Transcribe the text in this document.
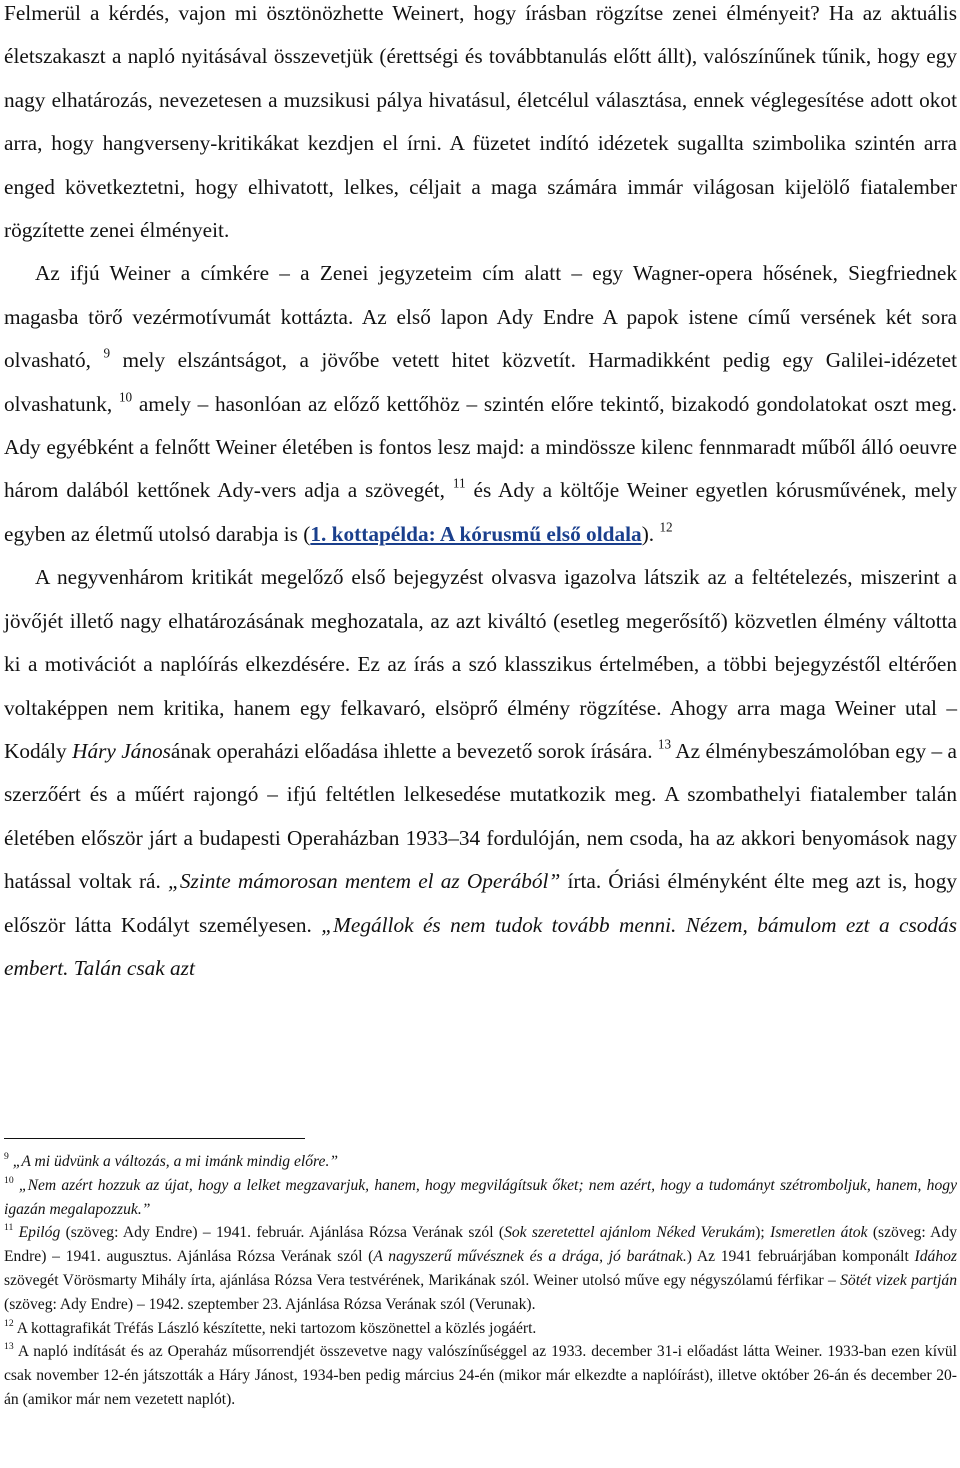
Felmerül a kérdés, vajon mi ösztönözhette Weinert, hogy írásban rögzítse zenei élményeit? Ha az aktuális életszakaszt a napló nyitásával összevetjük (érettségi és továbbtanulás előtt állt), valószínűnek tűnik, hogy egy nagy elhatározás, nevezetesen a muzsikusi pálya hivatásul, életcélul választása, ennek véglegesítése adott okot arra, hogy hangverseny-kritikákat kezdjen el írni. A füzetet indító idézetek sugallta szimbolika szintén arra enged következtetni, hogy elhivatott, lelkes, céljait a maga számára immár világosan kijelölő fiatalember rögzítette zenei élményeit.

Az ifjú Weiner a címkére – a Zenei jegyzeteim cím alatt – egy Wagner-opera hősének, Siegfriednek magasba törő vezérmotívumát kottázta. Az első lapon Ady Endre A papok istene című versének két sora olvasható, $^9$ mely elszántságot, a jövőbe vetett hitet közvetít. Harmadikként pedig egy Galilei-idézetet olvashatunk, $^{10}$ amely – hasonlóan az előző kettőhöz – szintén előre tekintő, bizakodó gondolatokat oszt meg. Ady egyébként a felnőtt Weiner életében is fontos lesz majd: a mindössze kilenc fennmaradt műből álló oeuvre három dalából kettőnek Ady-vers adja a szövegét, $^{11}$ és Ady a költője Weiner egyetlen kórusművének, mely egyben az életmű utolsó darabja is (1. kottapélda: A kórusmű első oldala). $^{12}$

A negyvenhárom kritikát megelőző első bejegyzést olvasva igazolva látszik az a feltételezés, miszerint a jövőjét illető nagy elhatározásának meghozatala, az azt kiváltó (esetleg megerősítő) közvetlen élmény váltotta ki a motivációt a naplóírás elkezdésére. Ez az írás a szó klasszikus értelmében, a többi bejegyzéstől eltérően voltaképpen nem kritika, hanem egy felkavaró, elsöprő élmény rögzítése. Ahogy arra maga Weiner utal – Kodály Háry Jánosának operaházi előadása ihlette a bevezető sorok írására. $^{13}$ Az élménybeszámolóban egy – a szerzőért és a műért rajongó – ifjú feltétlen lelkesedése mutatkozik meg. A szombathelyi fiatalember talán életében először járt a budapesti Operaházban 1933–34 fordulóján, nem csoda, ha az akkori benyomások nagy hatással voltak rá. „Szinte mámorosan mentem el az Operából” írta. Óriási élményként élte meg azt is, hogy először látta Kodályt személyesen. „Megállok és nem tudok tovább menni. Nézem, bámulom ezt a csodás embert. Talán csak azt

$^9$ „A mi üdvünk a változás, a mi imánk mindig előre.”

$^{10}$ „Nem azért hozzuk az újat, hogy a lelket megzavarjuk, hanem, hogy megvilágítsuk őket; nem azért, hogy a tudományt szétromboljuk, hanem, hogy igazán megalapozzuk.”

$^{11}$ Epilóg (szöveg: Ady Endre) – 1941. február. Ajánlása Rózsa Verának szól (Sok szeretettel ajánlom Néked Verukám); Ismeretlen átok (szöveg: Ady Endre) – 1941. augusztus. Ajánlása Rózsa Verának szól (A nagyszerű művésznek és a drága, jó barátnak.) Az 1941 februárjában komponált Idához szövegét Vörösmarty Mihály írta, ajánlása Rózsa Vera testvérének, Marikának szól. Weiner utolsó műve egy négyszólamú férfikar – Sötét vizek partján (szöveg: Ady Endre) – 1942. szeptember 23. Ajánlása Rózsa Verának szól (Verunak).

$^{12}$ A kottagrafikát Tréfás László készítette, neki tartozom köszönettel a közlés jogáért.

$^{13}$ A napló indítását és az Operaház műsorrendjét összevetve nagy valószínűséggel az 1933. december 31-i előadást látta Weiner. 1933-ban ezen kívül csak november 12-én játszották a Háry Jánost, 1934-ben pedig március 24-én (mikor már elkezdte a naplóírást), illetve október 26-án és december 20-án (amikor már nem vezetett naplót).
